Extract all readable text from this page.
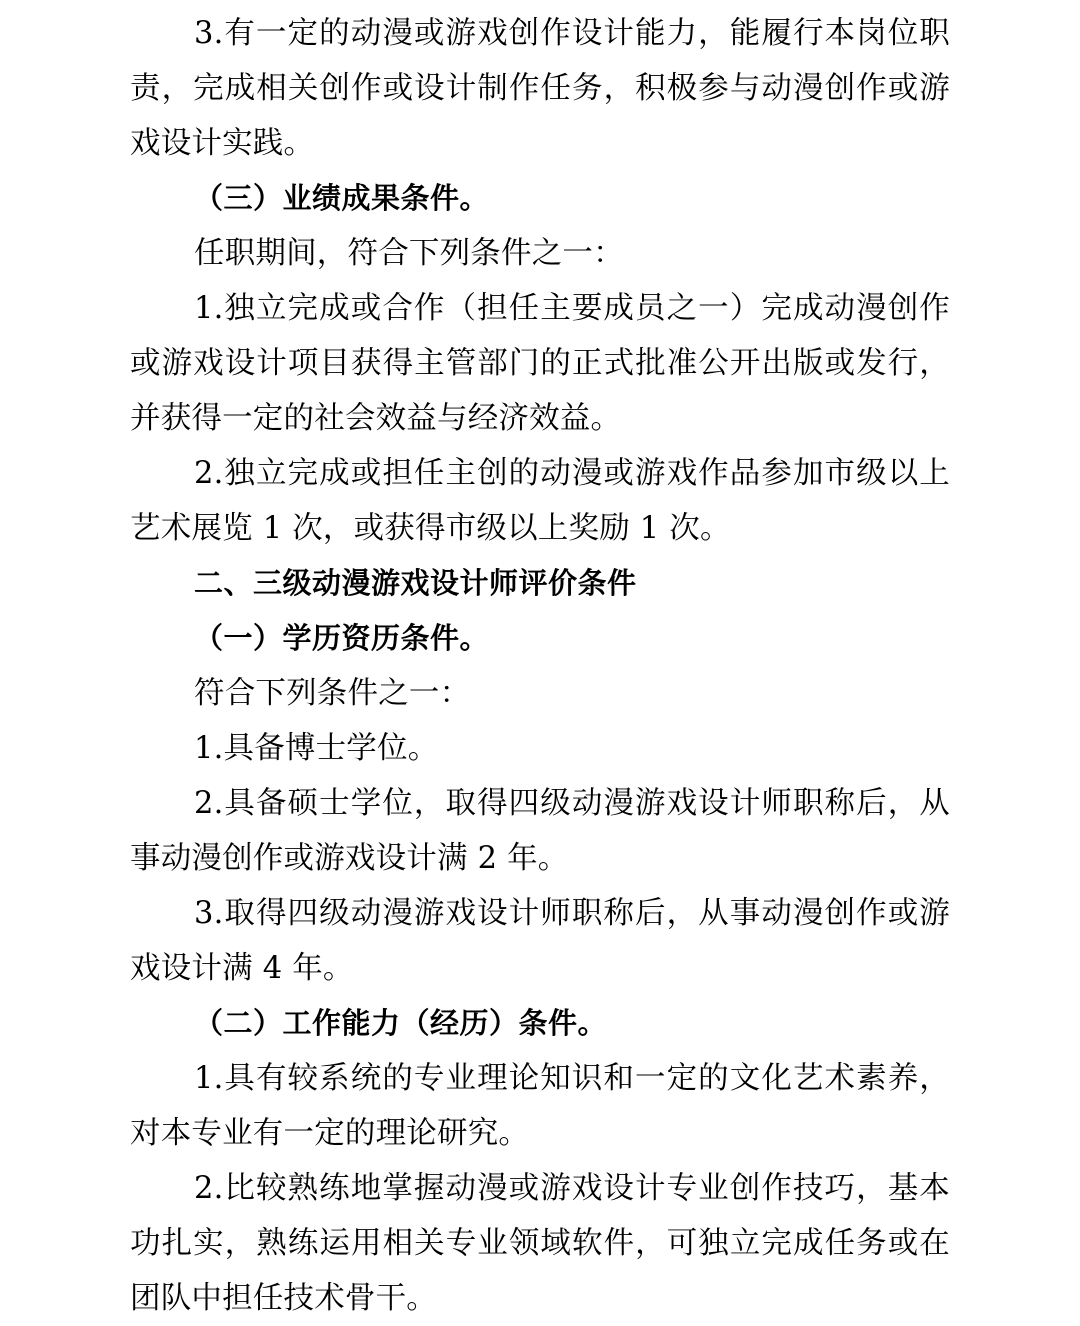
3.有一定的动漫或游戏创作设计能力，能履行本岗位职责，完成相关创作或设计制作任务，积极参与动漫创作或游戏设计实践。

（三）业绩成果条件。

任职期间，符合下列条件之一：

1.独立完成或合作（担任主要成员之一）完成动漫创作或游戏设计项目获得主管部门的正式批准公开出版或发行，并获得一定的社会效益与经济效益。

2.独立完成或担任主创的动漫或游戏作品参加市级以上艺术展览 1 次，或获得市级以上奖励 1 次。

二、三级动漫游戏设计师评价条件

（一）学历资历条件。

符合下列条件之一：

1.具备博士学位。

2.具备硕士学位，取得四级动漫游戏设计师职称后，从事动漫创作或游戏设计满 2 年。

3.取得四级动漫游戏设计师职称后，从事动漫创作或游戏设计满 4 年。

（二）工作能力（经历）条件。

1.具有较系统的专业理论知识和一定的文化艺术素养，对本专业有一定的理论研究。

2.比较熟练地掌握动漫或游戏设计专业创作技巧，基本功扎实，熟练运用相关专业领域软件，可独立完成任务或在团队中担任技术骨干。
